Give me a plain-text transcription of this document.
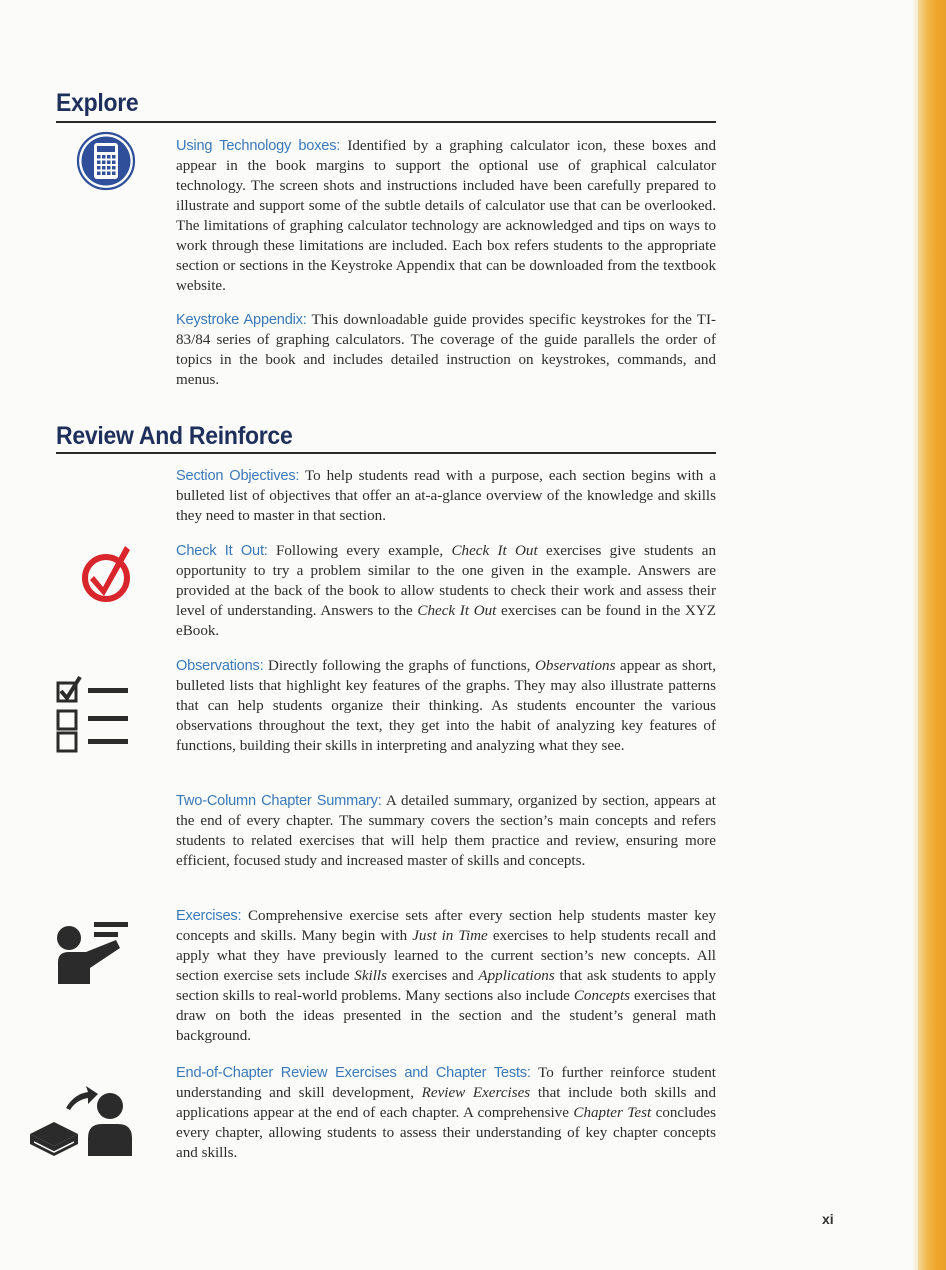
Explore

Using Technology boxes: Identified by a graphing calculator icon, these boxes and appear in the book margins to support the optional use of graphical calculator technology. The screen shots and instructions included have been carefully prepared to illustrate and support some of the subtle details of calculator use that can be overlooked. The limitations of graphing calculator technology are acknowledged and tips on ways to work through these limitations are included. Each box refers students to the appropriate section or sections in the Keystroke Appendix that can be downloaded from the textbook website.

Keystroke Appendix: This downloadable guide provides specific keystrokes for the TI-83/84 series of graphing calculators. The coverage of the guide parallels the order of topics in the book and includes detailed instruction on keystrokes, commands, and menus.

Review And Reinforce

Section Objectives: To help students read with a purpose, each section begins with a bulleted list of objectives that offer an at-a-glance overview of the knowledge and skills they need to master in that section.

Check It Out: Following every example, Check It Out exercises give students an opportunity to try a problem similar to the one given in the example. Answers are provided at the back of the book to allow students to check their work and assess their level of understanding. Answers to the Check It Out exercises can be found in the XYZ eBook.

Observations: Directly following the graphs of functions, Observations appear as short, bulleted lists that highlight key features of the graphs. They may also illustrate patterns that can help students organize their thinking. As students encounter the various observations throughout the text, they get into the habit of analyzing key features of functions, building their skills in interpreting and analyzing what they see.

Two-Column Chapter Summary: A detailed summary, organized by section, appears at the end of every chapter. The summary covers the section’s main concepts and refers students to related exercises that will help them practice and review, ensuring more efficient, focused study and increased master of skills and concepts.

Exercises: Comprehensive exercise sets after every section help students master key concepts and skills. Many begin with Just in Time exercises to help students recall and apply what they have previously learned to the current section’s new concepts. All section exercise sets include Skills exercises and Applications that ask students to apply section skills to real-world problems. Many sections also include Concepts exercises that draw on both the ideas presented in the section and the student’s general math background.

End-of-Chapter Review Exercises and Chapter Tests: To further reinforce student understanding and skill development, Review Exercises that include both skills and applications appear at the end of each chapter. A comprehensive Chapter Test concludes every chapter, allowing students to assess their understanding of key chapter concepts and skills.

xi
